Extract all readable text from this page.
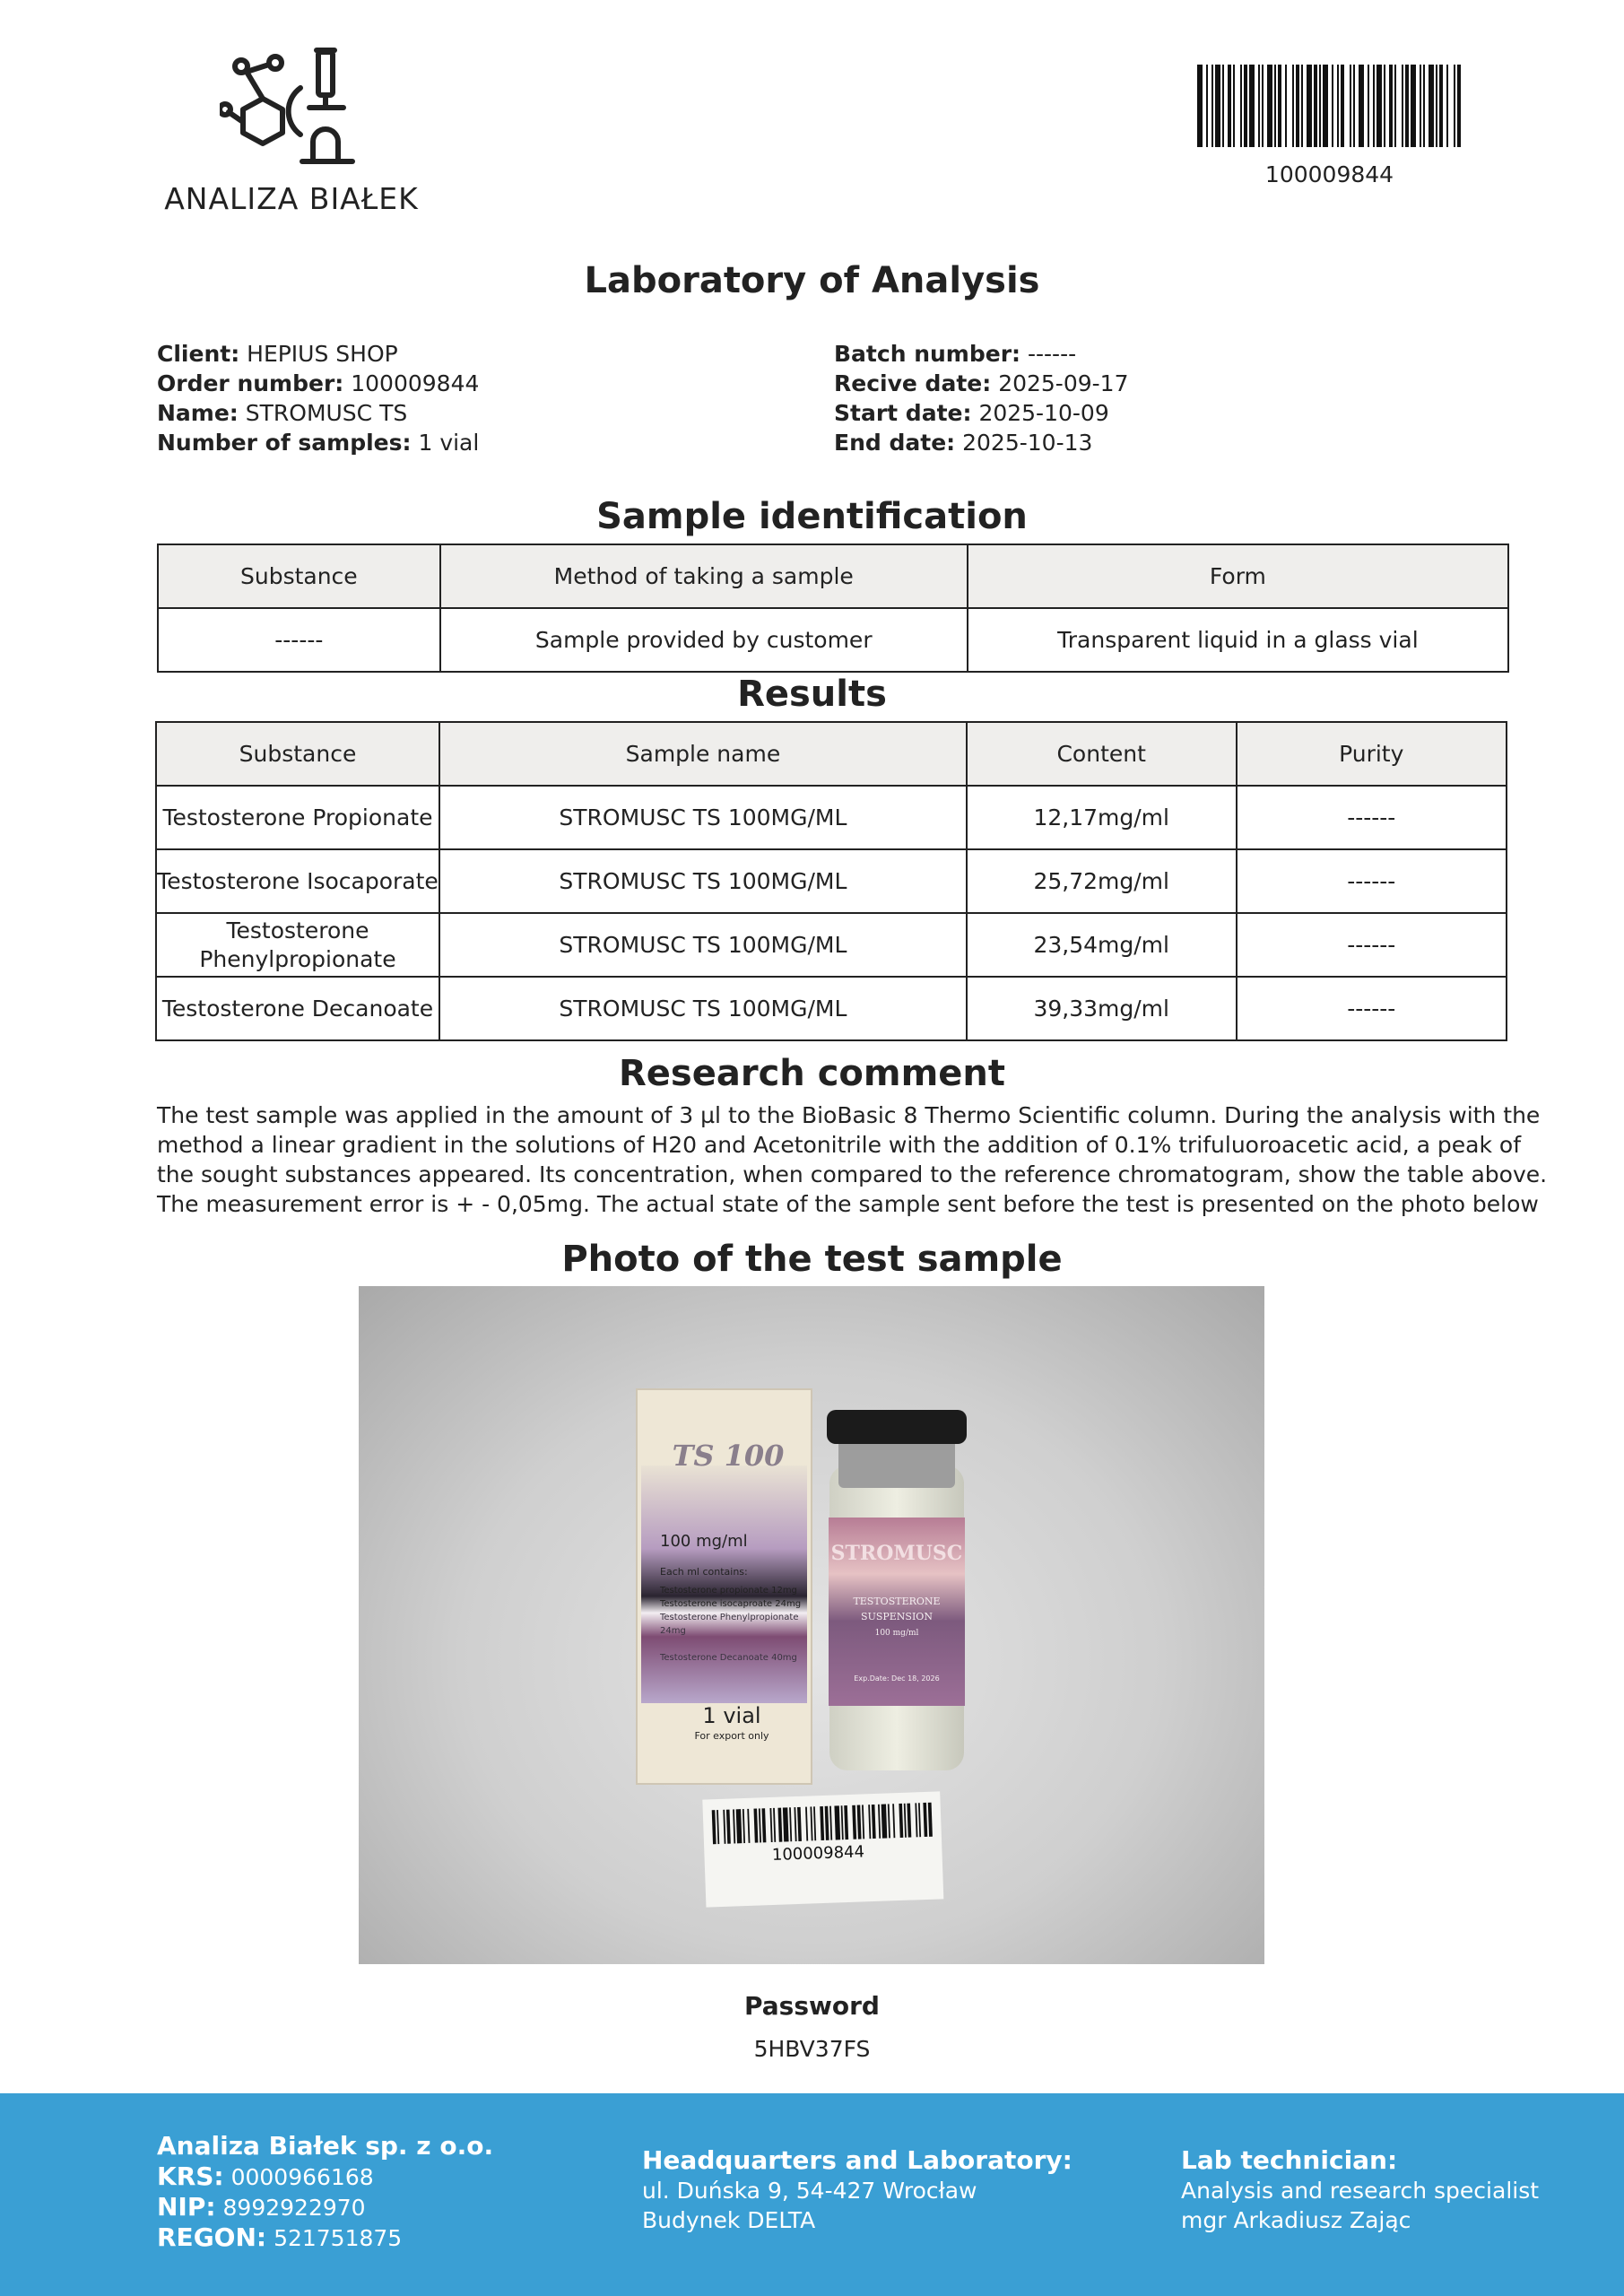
ANALIZA BIAŁEK
100009844
Laboratory of Analysis
Client: HEPIUS SHOP
Order number: 100009844
Name: STROMUSC TS
Number of samples: 1 vial
Batch number: ------
Recive date: 2025-09-17
Start date: 2025-10-09
End date: 2025-10-13
Sample identification
Substance	Method of taking a sample	Form
------	Sample provided by customer	Transparent liquid in a glass vial
Results
Substance	Sample name	Content	Purity
Testosterone Propionate	STROMUSC TS 100MG/ML	12,17mg/ml	------
Testosterone Isocaporate	STROMUSC TS 100MG/ML	25,72mg/ml	------
Testosterone Phenylpropionate	STROMUSC TS 100MG/ML	23,54mg/ml	------
Testosterone Decanoate	STROMUSC TS 100MG/ML	39,33mg/ml	------
Research comment
The test sample was applied in the amount of 3 µl to the BioBasic 8 Thermo Scientific column. During the analysis with the method a linear gradient in the solutions of H20 and Acetonitrile with the addition of 0.1% trifuluoroacetic acid, a peak of the sought substances appeared. Its concentration, when compared to the reference chromatogram, show the table above. The measurement error is + - 0,05mg. The actual state of the sample sent before the test is presented on the photo below
Photo of the test sample
TS 100
100 mg/ml
Each ml contains:
Testosterone propionate 12mg
Testosterone isocaproate 24mg
Testosterone Phenylpropionate
24mg
Testosterone Decanoate 40mg
1 vial
For export only
STROMUSC
TESTOSTERONE
SUSPENSION
100 mg/ml
Exp.Date: Dec 18, 2026
100009844
Password
5HBV37FS
Analiza Białek sp. z o.o.
KRS: 0000966168
NIP: 8992922970
REGON: 521751875
Headquarters and Laboratory:
ul. Duńska 9, 54-427 Wrocław
Budynek DELTA
Lab technician:
Analysis and research specialist
mgr Arkadiusz Zając
